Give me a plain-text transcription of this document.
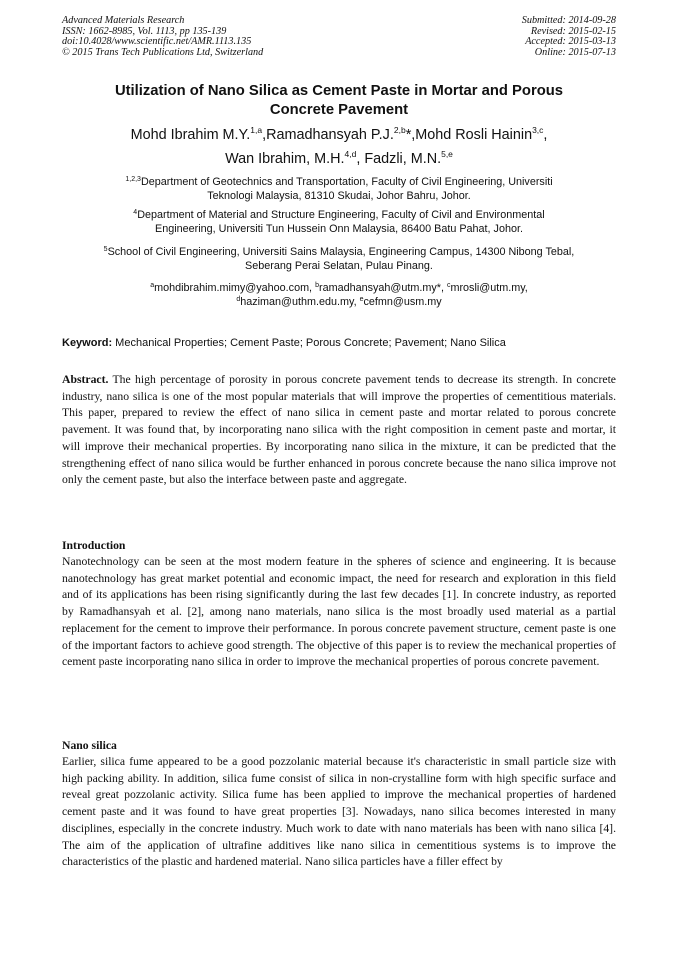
Advanced Materials Research
ISSN: 1662-8985, Vol. 1113, pp 135-139
doi:10.4028/www.scientific.net/AMR.1113.135
© 2015 Trans Tech Publications Ltd, Switzerland
Submitted: 2014-09-28
Revised: 2015-02-15
Accepted: 2015-03-13
Online: 2015-07-13
Utilization of Nano Silica as Cement Paste in Mortar and Porous
Concrete Pavement
Mohd Ibrahim M.Y.$^{1,a}$,Ramadhansyah P.J.$^{2,b}$*,Mohd Rosli Hainin$^{3,c}$,
Wan Ibrahim, M.H.$^{4,d}$, Fadzli, M.N.$^{5,e}$
$^{1,2,3}$Department of Geotechnics and Transportation, Faculty of Civil Engineering, Universiti
Teknologi Malaysia, 81310 Skudai, Johor Bahru, Johor.
$^4$Department of Material and Structure Engineering, Faculty of Civil and Environmental
Engineering, Universiti Tun Hussein Onn Malaysia, 86400 Batu Pahat, Johor.
$^5$School of Civil Engineering, Universiti Sains Malaysia, Engineering Campus, 14300 Nibong Tebal,
Seberang Perai Selatan, Pulau Pinang.
$^a$mohdibrahim.mimy@yahoo.com, $^b$ramadhansyah@utm.my*, $^c$mrosli@utm.my,
$^d$haziman@uthm.edu.my, $^e$cefmn@usm.my
Keyword: Mechanical Properties; Cement Paste; Porous Concrete; Pavement; Nano Silica
Abstract. The high percentage of porosity in porous concrete pavement tends to decrease its strength. In concrete industry, nano silica is one of the most popular materials that will improve the properties of cementitious materials. This paper, prepared to review the effect of nano silica in cement paste and mortar related to porous concrete pavement. It was found that, by incorporating nano silica with the right composition in cement paste and mortar, it will improve their mechanical properties. By incorporating nano silica in the mixture, it can be predicted that the strengthening effect of nano silica would be further enhanced in porous concrete because the nano silica improve not only the cement paste, but also the interface between paste and aggregate.
Introduction
Nanotechnology can be seen at the most modern feature in the spheres of science and engineering. It is because nanotechnology has great market potential and economic impact, the need for research and exploration in this field and of its applications has been rising significantly during the last few decades [1]. In concrete industry, as reported by Ramadhansyah et al. [2], among nano materials, nano silica is the most broadly used material as a partial replacement for the cement to improve their performance. In porous concrete pavement structure, cement paste is one of the important factors to achieve good strength. The objective of this paper is to review the mechanical properties of cement paste incorporating nano silica in order to improve the mechanical properties of porous concrete pavement.
Nano silica
Earlier, silica fume appeared to be a good pozzolanic material because it's characteristic in small particle size with high packing ability. In addition, silica fume consist of silica in non-crystalline form with high specific surface and reveal great pozzolanic activity. Silica fume has been applied to improve the mechanical properties of hardened cement paste and it was found to have great properties [3]. Nowadays, nano silica becomes interested in many disciplines, especially in the concrete industry. Much work to date with nano materials has been with nano silica [4]. The aim of the application of ultrafine additives like nano silica in cementitious systems is to improve the characteristics of the plastic and hardened material. Nano silica particles have a filler effect by
